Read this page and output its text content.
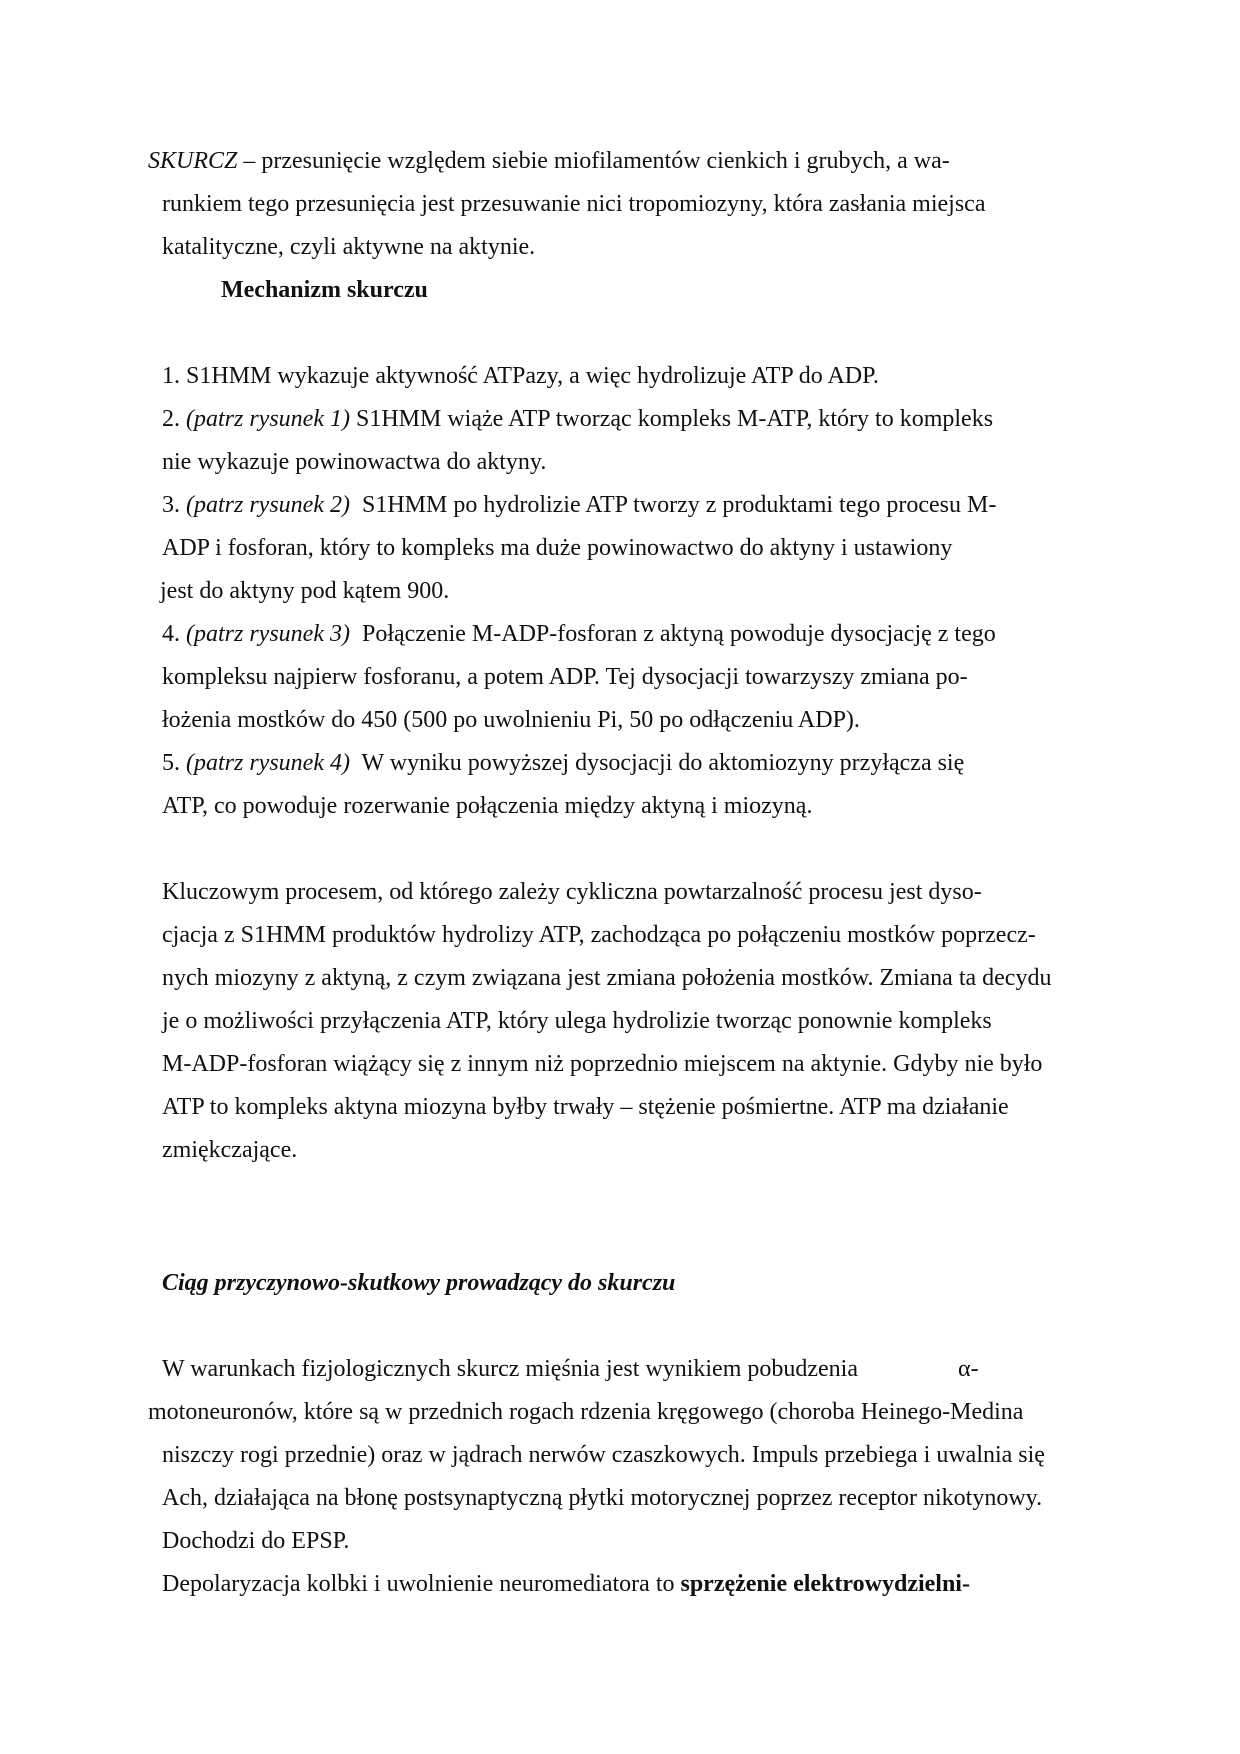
SKURCZ – przesunięcie względem siebie miofilamentów cienkich i grubych, a wa-
runkiem tego przesunięcia jest przesuwanie nici tropomiozyny, która zasłania miejsca
katalityczne, czyli aktywne na aktynie.
Mechanizm skurczu
1. S1HMM wykazuje aktywność ATPazy, a więc hydrolizuje ATP do ADP.
2. (patrz rysunek 1) S1HMM wiąże ATP tworząc kompleks M-ATP, który to kompleks
nie wykazuje powinowactwa do aktyny.
3. (patrz rysunek 2) S1HMM po hydrolizie ATP tworzy z produktami tego procesu M-
ADP i fosforan, który to kompleks ma duże powinowactwo do aktyny i ustawiony
jest do aktyny pod kątem 900.
4. (patrz rysunek 3) Połączenie M-ADP-fosforan z aktyną powoduje dysocjację z tego
kompleksu najpierw fosforanu, a potem ADP. Tej dysocjacji towarzyszy zmiana po-
łożenia mostków do 450 (500 po uwolnieniu Pi, 50 po odłączeniu ADP).
5. (patrz rysunek 4) W wyniku powyższej dysocjacji do aktomiozyny przyłącza się
ATP, co powoduje rozerwanie połączenia między aktyną i miozyną.
Kluczowym procesem, od którego zależy cykliczna powtarzalność procesu jest dyso-
cjacja z S1HMM produktów hydrolizy ATP, zachodząca po połączeniu mostków poprzecz-
nych miozyny z aktyną, z czym związana jest zmiana położenia mostków. Zmiana ta decydu
je o możliwości przyłączenia ATP, który ulega hydrolizie tworząc ponownie kompleks
M-ADP-fosforan wiążący się z innym niż poprzednio miejscem na aktynie. Gdyby nie było
ATP to kompleks aktyna miozyna byłby trwały – stężenie pośmiertne. ATP ma działanie
zmiękczające.
Ciąg przyczynowo-skutkowy prowadzący do skurczu
W warunkach fizjologicznych skurcz mięśnia jest wynikiem pobudzenia	α-
motoneuronów, które są w przednich rogach rdzenia kręgowego (choroba Heinego-Medina
niszczy rogi przednie) oraz w jądrach nerwów czaszkowych. Impuls przebiega i uwalnia się
Ach, działająca na błonę postsynaptyczną płytki motorycznej poprzez receptor nikotynowy.
Dochodzi do EPSP.
Depolaryzacja kolbki i uwolnienie neuromediatora to sprzężenie elektrowydzielni-
